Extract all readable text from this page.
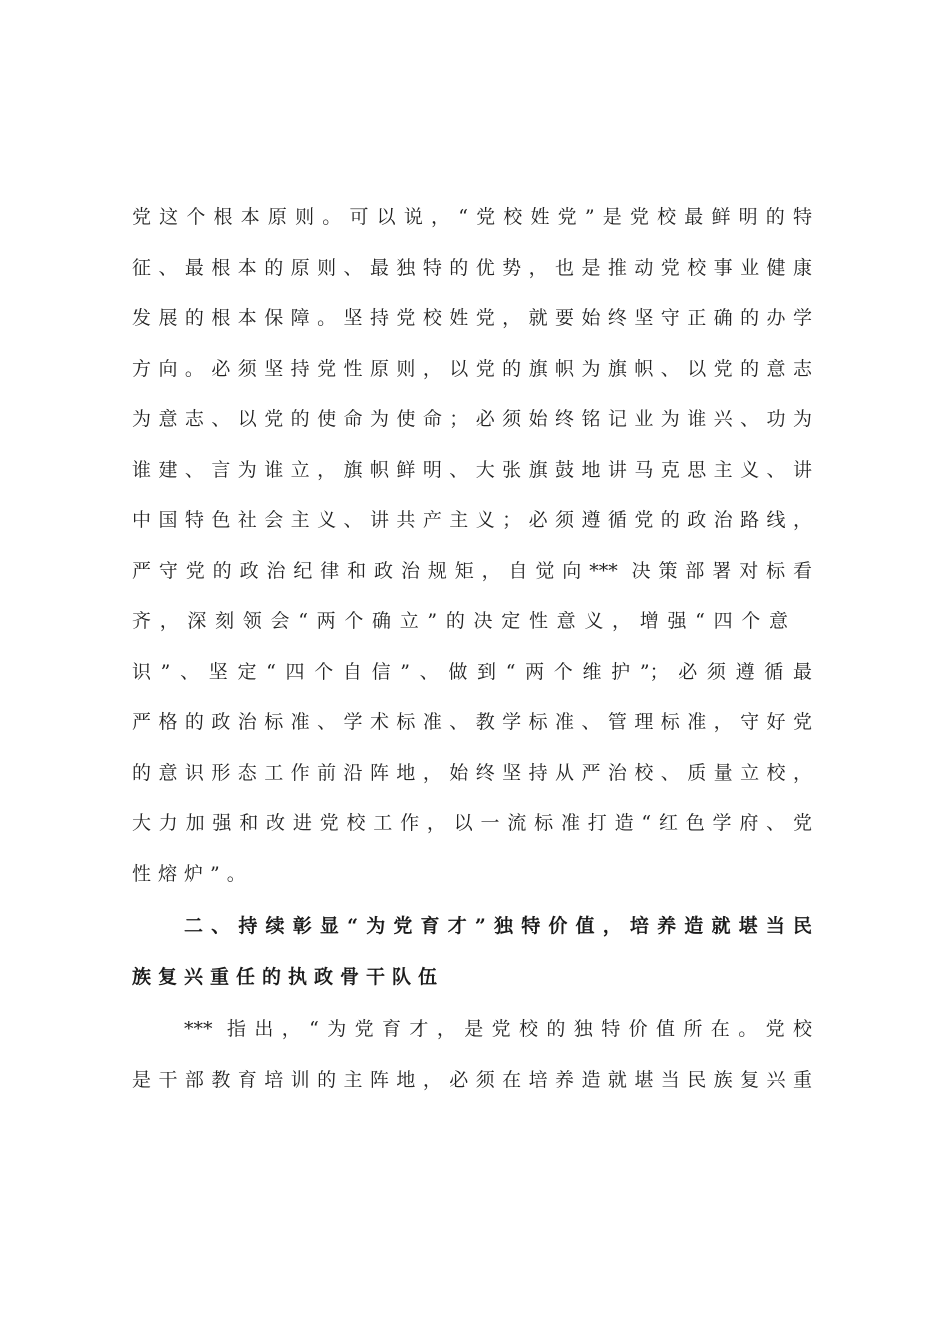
党这个根本原则。可以说，“党校姓党”是党校最鲜明的特
征、最根本的原则、最独特的优势，也是推动党校事业健康
发展的根本保障。坚持党校姓党，就要始终坚守正确的办学
方向。必须坚持党性原则，以党的旗帜为旗帜、以党的意志
为意志、以党的使命为使命；必须始终铭记业为谁兴、功为
谁建、言为谁立，旗帜鲜明、大张旗鼓地讲马克思主义、讲
中国特色社会主义、讲共产主义；必须遵循党的政治路线，
严守党的政治纪律和政治规矩，自觉向*** 决策部署对标看
齐，深刻领会“两个确立”的决定性意义，增强“四个意
识”、坚定“四个自信”、做到“两个维护”；必须遵循最
严格的政治标准、学术标准、教学标准、管理标准，守好党
的意识形态工作前沿阵地，始终坚持从严治校、质量立校，
大力加强和改进党校工作，以一流标准打造“红色学府、党
性熔炉”。
二、持续彰显“为党育才”独特价值，培养造就堪当民
族复兴重任的执政骨干队伍
*** 指出，“为党育才，是党校的独特价值所在。党校
是干部教育培训的主阵地，必须在培养造就堪当民族复兴重
